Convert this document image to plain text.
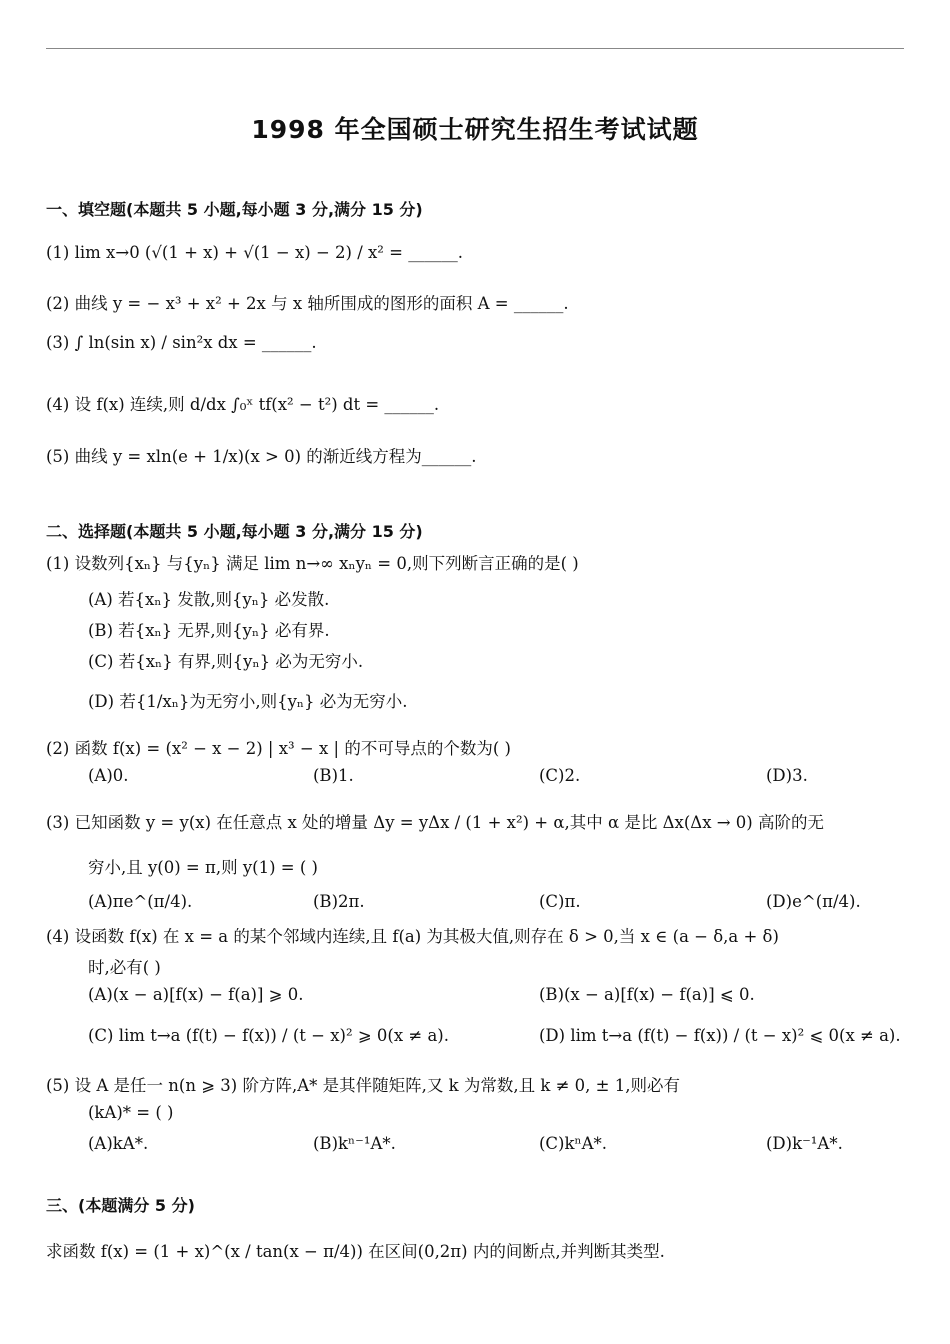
1998 年全国硕士研究生招生考试试题
一、填空题(本题共 5 小题,每小题 3 分,满分 15 分)
(1) lim x→0 (√(1 + x) + √(1 − x) − 2) / x² = ______.
(2) 曲线 y = − x³ + x² + 2x 与 x 轴所围成的图形的面积 A = ______.
(3) ∫ ln(sin x) / sin²x dx = ______.
(4) 设 f(x) 连续,则 d/dx ∫₀ˣ tf(x² − t²) dt = ______.
(5) 曲线 y = xln(e + 1/x)(x > 0) 的渐近线方程为______.
二、选择题(本题共 5 小题,每小题 3 分,满分 15 分)
(1) 设数列{xₙ} 与{yₙ} 满足 lim n→∞ xₙyₙ = 0,则下列断言正确的是( )
(A) 若{xₙ} 发散,则{yₙ} 必发散.
(B) 若{xₙ} 无界,则{yₙ} 必有界.
(C) 若{xₙ} 有界,则{yₙ} 必为无穷小.
(D) 若{1/xₙ}为无穷小,则{yₙ} 必为无穷小.
(2) 函数 f(x) = (x² − x − 2) | x³ − x | 的不可导点的个数为( )
(A)0.	(B)1.	(C)2.	(D)3.
(3) 已知函数 y = y(x) 在任意点 x 处的增量 Δy = yΔx / (1 + x²) + α,其中 α 是比 Δx(Δx → 0) 高阶的无
穷小,且 y(0) = π,则 y(1) = ( )
(A)πe^(π/4).	(B)2π.	(C)π.	(D)e^(π/4).
(4) 设函数 f(x) 在 x = a 的某个邻域内连续,且 f(a) 为其极大值,则存在 δ > 0,当 x ∈ (a − δ,a + δ)
时,必有( )
(A)(x − a)[f(x) − f(a)] ⩾ 0.	(B)(x − a)[f(x) − f(a)] ⩽ 0.
(C) lim t→a (f(t) − f(x)) / (t − x)² ⩾ 0(x ≠ a).	(D) lim t→a (f(t) − f(x)) / (t − x)² ⩽ 0(x ≠ a).
(5) 设 A 是任一 n(n ⩾ 3) 阶方阵,A* 是其伴随矩阵,又 k 为常数,且 k ≠ 0, ± 1,则必有
(kA)* = ( )
(A)kA*.	(B)kⁿ⁻¹A*.	(C)kⁿA*.	(D)k⁻¹A*.
三、(本题满分 5 分)
求函数 f(x) = (1 + x)^(x / tan(x − π/4)) 在区间(0,2π) 内的间断点,并判断其类型.
